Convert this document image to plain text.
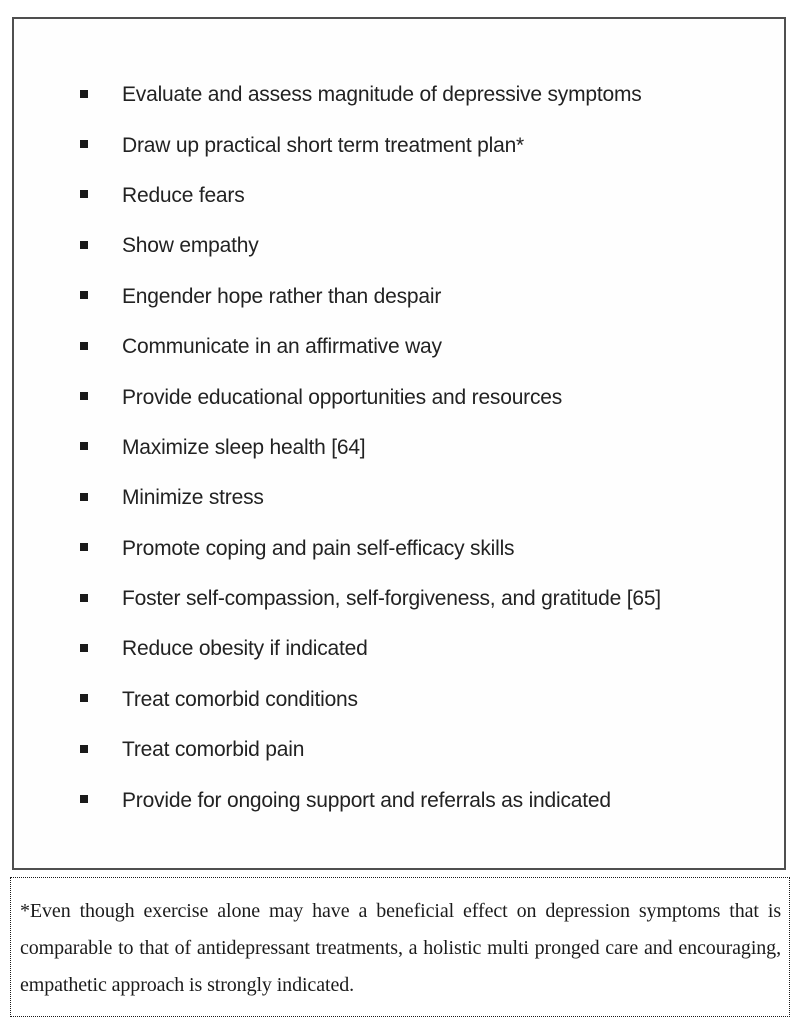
Evaluate and assess magnitude of depressive symptoms
Draw up practical short term treatment plan*
Reduce fears
Show empathy
Engender hope rather than despair
Communicate in an affirmative way
Provide educational opportunities and resources
Maximize sleep health [64]
Minimize stress
Promote coping and pain self-efficacy skills
Foster self-compassion, self-forgiveness, and gratitude [65]
Reduce obesity if indicated
Treat comorbid conditions
Treat comorbid pain
Provide for ongoing support and referrals as indicated

*Even though exercise alone may have a beneficial effect on depression symptoms that is comparable to that of antidepressant treatments, a holistic multi pronged care and encouraging, empathetic approach is strongly indicated.
